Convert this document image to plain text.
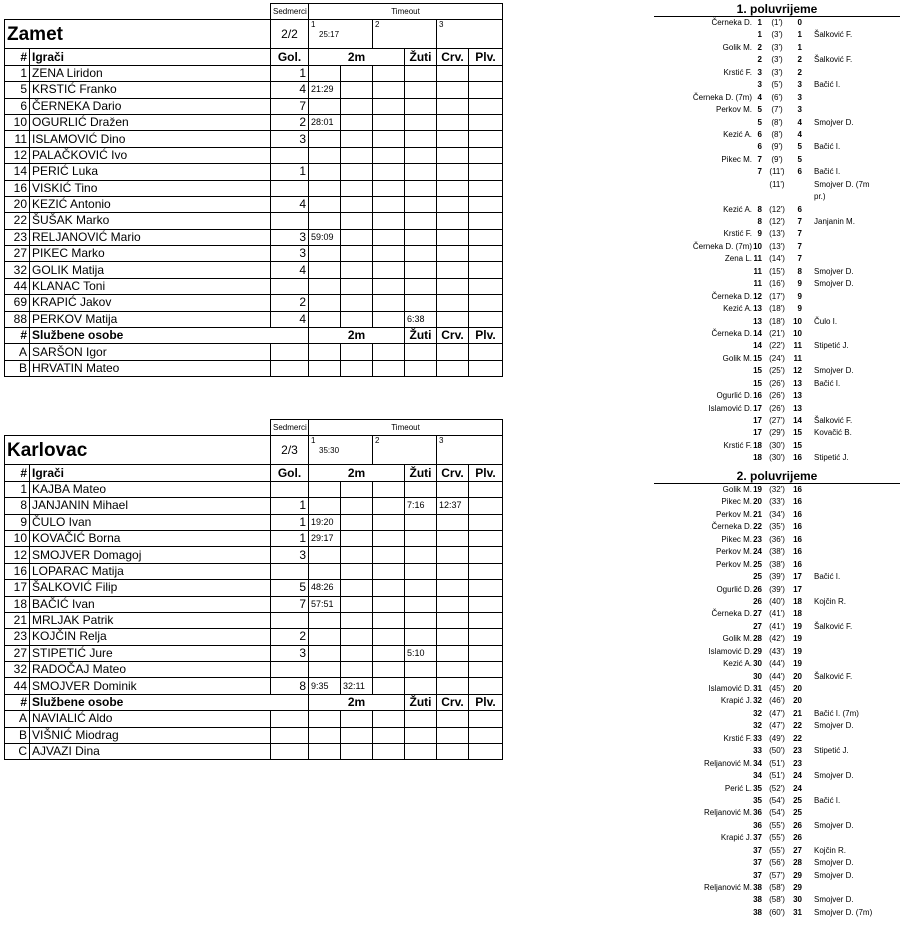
		Sedmerci	Timeout					
Zamet		2/2	1
25:17		2		3	

#	Igrači	Gol.	2m			Žuti	Crv.	Plv.
1	ZENA Liridon	1						
5	KRSTIĆ Franko	4	21:29					
6	ČERNEKA Dario	7						
10	OGURLIĆ Dražen	2	28:01					
11	ISLAMOVIĆ Dino	3						
12	PALAČKOVIĆ Ivo							
14	PERIĆ Luka	1						
16	VISKIĆ Tino							
20	KEZIĆ Antonio	4						
22	ŠUŠAK Marko							
23	RELJANOVIĆ Mario	3	59:09					
27	PIKEC Marko	3						
32	GOLIK Matija	4						
44	KLANAC Toni							
69	KRAPIĆ Jakov	2						
88	PERKOV Matija	4				6:38		
#	Službene osobe		2m			Žuti	Crv.	Plv.
A	SARŠON Igor							
B	HRVATIN Mateo							
		Sedmerci	Timeout					
Karlovac		2/3	1
35:30		2		3	

#	Igrači	Gol.	2m			Žuti	Crv.	Plv.
1	KAJBA Mateo							
8	JANJANIN Mihael	1				7:16	12:37	
9	ČULO Ivan	1	19:20					
10	KOVAČIĆ Borna	1	29:17					
12	SMOJVER Domagoj	3						
16	LOPARAC Matija							
17	ŠALKOVIĆ Filip	5	48:26					
18	BAČIĆ Ivan	7	57:51					
21	MRLJAK Patrik							
23	KOJČIN Relja	2						
27	STIPETIĆ Jure	3				5:10		
32	RADOČAJ Mateo							
44	SMOJVER Dominik	8	9:35	32:11				
#	Službene osobe		2m			Žuti	Crv.	Plv.
A	NAVIALIĆ Aldo							
B	VIŠNIĆ Miodrag							
C	AJVAZI Dina							
1. poluvrijeme
Černeka D. 1	(1')	0
1	(3')	1 Šalković F.
Golik M. 2	(3')	1
2	(3')	2 Šalković F.
Krstić F. 3	(3')	2
3	(5')	3 Bačić I.
Černeka D. (7m) 4	(6')	3
Perkov M. 5	(7')	3
5	(8')	4 Smojver D.
Kezić A. 6	(8')	4
6	(9')	5 Bačić I.
Pikec M. 7	(9')	5
7 (11')	6 Bačić I.
(11')	Smojver D. (7m
pr.)
Kezić A. 8 (12')	6
8 (12')	7 Janjanin M.
Krstić F. 9 (13')	7
Černeka D. (7m) 10 (13')	7
Zena L. 11 (14')	7
11 (15')	8 Smojver D.
11 (16')	9 Smojver D.
Černeka D. 12 (17')	9
Kezić A. 13 (18')	9
13 (18')	10 Čulo I.
Černeka D. 14 (21')	10
14 (22')	11 Stipetić J.
Golik M. 15 (24')	11
15 (25')	12 Smojver D.
15 (26')	13 Bačić I.
Ogurlić D. 16 (26')	13
Islamović D. 17 (26')	13
17 (27')	14 Šalković F.
17 (29')	15 Kovačić B.
Krstić F. 18 (30')	15
18 (30')	16 Stipetić J.
2. poluvrijeme
Golik M. 19 (32')	16
Pikec M. 20 (33')	16
Perkov M. 21 (34')	16
Černeka D. 22 (35')	16
Pikec M. 23 (36')	16
Perkov M. 24 (38')	16
Perkov M. 25 (38')	16
25 (39')	17 Bačić I.
Ogurlić D. 26 (39')	17
26 (40')	18 Kojčin R.
Černeka D. 27 (41')	18
27 (41')	19 Šalković F.
Golik M. 28 (42')	19
Islamović D. 29 (43')	19
Kezić A. 30 (44')	19
30 (44')	20 Šalković F.
Islamović D. 31 (45')	20
Krapić J. 32 (46')	20
32 (47')	21 Bačić I. (7m)
32 (47')	22 Smojver D.
Krstić F. 33 (49')	22
33 (50')	23 Stipetić J.
Reljanović M. 34 (51')	23
34 (51')	24 Smojver D.
Perić L. 35 (52')	24
35 (54')	25 Bačić I.
Reljanović M. 36 (54')	25
36 (55')	26 Smojver D.
Krapić J. 37 (55')	26
37 (55')	27 Kojčin R.
37 (56')	28 Smojver D.
37 (57')	29 Smojver D.
Reljanović M. 38 (58')	29
38 (58')	30 Smojver D.
38 (60')	31 Smojver D. (7m)
